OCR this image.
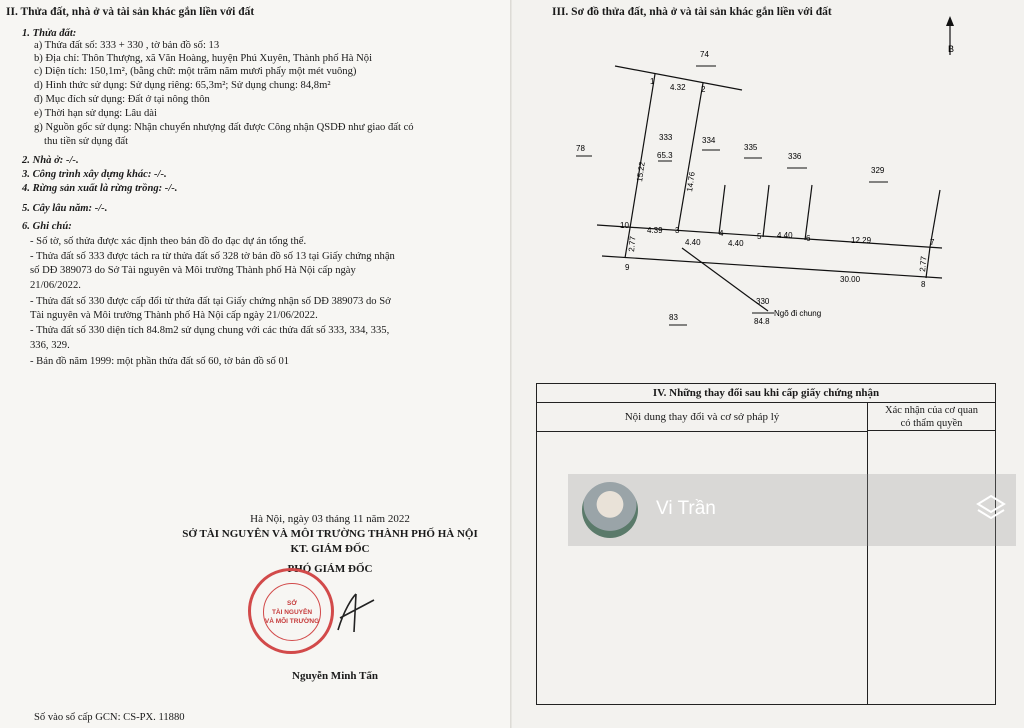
II. Thửa đất, nhà ở và tài sản khác gắn liền với đất
1. Thửa đất:
a) Thửa đất số: 333 + 330 , tờ bản đồ số: 13
b) Địa chỉ: Thôn Thượng, xã Văn Hoàng, huyện Phú Xuyên, Thành phố Hà Nội
c) Diện tích: 150,1m², (bằng chữ: một trăm năm mươi phẩy một mét vuông)
d) Hình thức sử dụng: Sử dụng riêng: 65,3m²; Sử dụng chung: 84,8m²
đ) Mục đích sử dụng: Đất ở tại nông thôn
e) Thời hạn sử dụng: Lâu dài
g) Nguồn gốc sử dụng: Nhận chuyển nhượng đất được Công nhận QSDĐ như giao đất có
thu tiền sử dụng đất
2. Nhà ở: -/-.
3. Công trình xây dựng khác: -/-.
4. Rừng sản xuất là rừng trồng: -/-.
5. Cây lâu năm: -/-.
6. Ghi chú:
- Số tờ, số thửa được xác định theo bản đồ đo đạc dự án tổng thể.
- Thửa đất số 333 được tách ra từ thửa đất số 328 tờ bản đồ số 13 tại Giấy chứng nhận
số DĐ 389073 do Sở Tài nguyên và Môi trường Thành phố Hà Nội cấp ngày
21/06/2022.
- Thửa đất số 330 được cấp đổi từ thửa đất tại Giấy chứng nhận số DĐ 389073 do Sở
Tài nguyên và Môi trường Thành phố Hà Nội cấp ngày 21/06/2022.
- Thửa đất số 330 diện tích 84.8m2 sử dụng chung với các thửa đất số 333, 334, 335,
336, 329.
- Bản đồ năm 1999: một phần thửa đất số 60, tờ bản đồ số 01
Hà Nội, ngày 03 tháng 11 năm 2022
SỞ TÀI NGUYÊN VÀ MÔI TRƯỜNG THÀNH PHỐ HÀ NỘI
KT. GIÁM ĐỐC
PHÓ GIÁM ĐỐC
SỞ
TÀI NGUYÊN
VÀ MÔI TRƯỜNG
Nguyễn Minh Tấn
Số vào sổ cấp GCN: CS-PX. 11880
III. Sơ đồ thửa đất, nhà ở và tài sản khác gắn liền với đất
B
74
78
333
65.3
334
335
336
329
83
330
84.8
Ngõ đi chung
4.32
15.22	14.76
4.39
4.40	4.40
4.40
12.29
2.77
2.77
30.00
1
2
3	4	5	6	7
8
9
10
IV. Những thay đổi sau khi cấp giấy chứng nhận
Nội dung thay đổi và cơ sở pháp lý
Xác nhận của cơ quan
có thẩm quyền
Vi Trần
